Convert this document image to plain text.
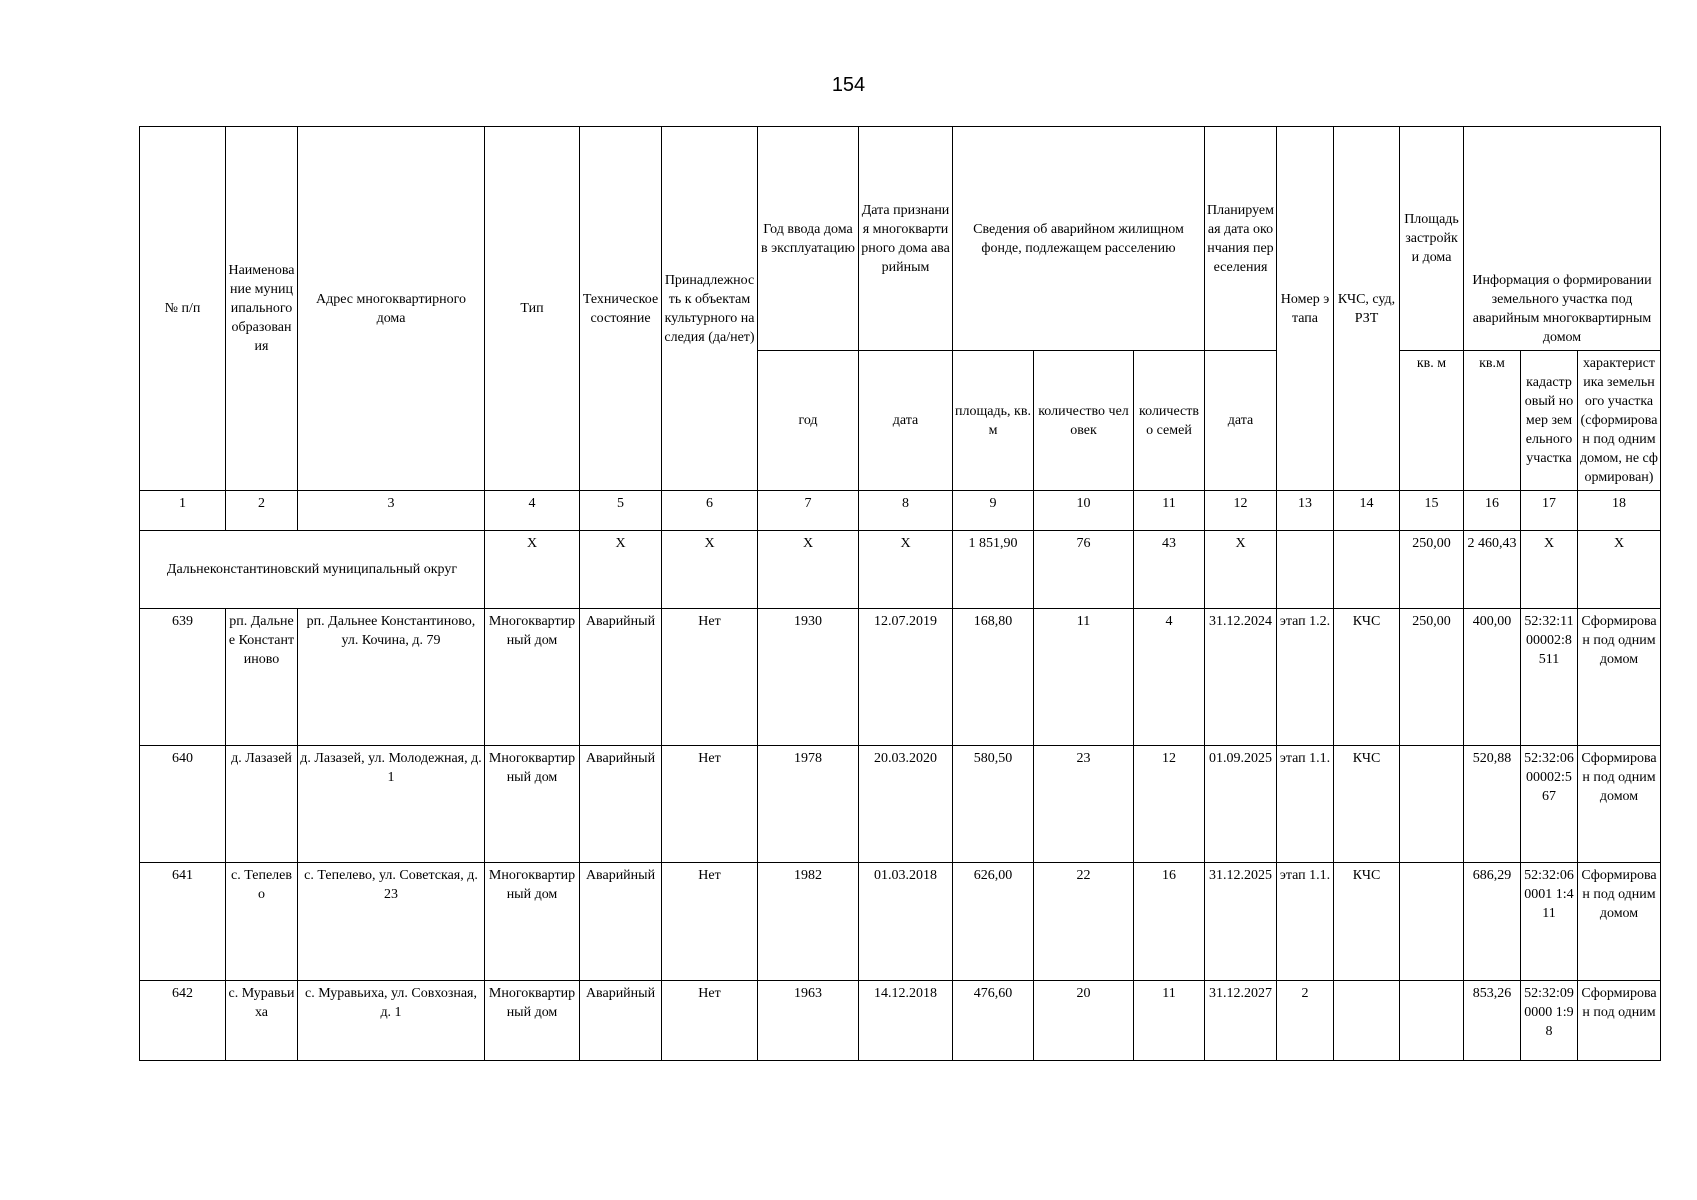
154
№ п/п	Наименование муниципального образования	Адрес многоквартирного дома	Тип	Техническое состояние	Принадлежность к объектам культурного наследия (да/нет)	Год ввода дома в эксплуатацию	Дата признания многоквартирного дома аварийным	Сведения об аварийном жилищном фонде, подлежащем расселению			Планируемая дата окончания переселения	Номер этапа	КЧС, суд, РЗТ	Площадь застройки дома	Информация о формировании земельного участка под аварийным многоквартирным домом		
						год	дата	площадь, кв.м	количество человек	количество семей	дата			кв. м	кв.м	кадастровый номер земельного участка	характеристика земельного участка (сформирован под одним домом, не сформирован)
1	2	3	4	5	6	7	8	9	10	11	12	13	14	15	16	17	18
Дальнеконстантиновский муниципальный округ			X	X	X	X	X	1 851,90	76	43	X			250,00	2 460,43	X	X
639	рп. Дальнее Константиново	рп. Дальнее Константиново, ул. Кочина, д. 79	Многоквартирный дом	Аварийный	Нет	1930	12.07.2019	168,80	11	4	31.12.2024	этап 1.2.	КЧС	250,00	400,00	52:32:1100002:8511	Сформирован под одним домом
640	д. Лазазей	д. Лазазей, ул. Молодежная, д. 1	Многоквартирный дом	Аварийный	Нет	1978	20.03.2020	580,50	23	12	01.09.2025	этап 1.1.	КЧС		520,88	52:32:0600002:567	Сформирован под одним домом
641	с. Тепелево	с. Тепелево, ул. Советская, д. 23	Многоквартирный дом	Аварийный	Нет	1982	01.03.2018	626,00	22	16	31.12.2025	этап 1.1.	КЧС		686,29	52:32:060001 1:411	Сформирован под одним домом
642	с. Муравьиха	с. Муравьиха, ул. Совхозная, д. 1	Многоквартирный дом	Аварийный	Нет	1963	14.12.2018	476,60	20	11	31.12.2027	2			853,26	52:32:090000 1:98	Сформирован под одним
